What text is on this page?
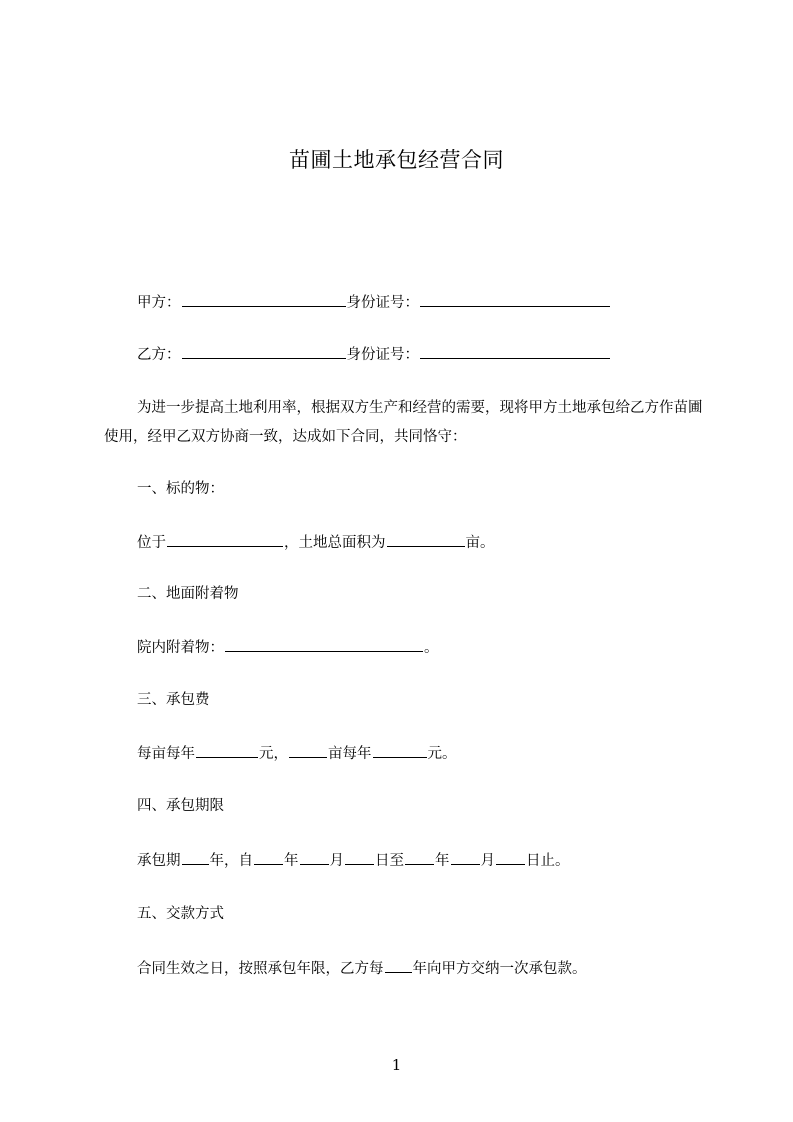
苗圃土地承包经营合同
甲方：	身份证号：
乙方：	身份证号：
为进一步提高土地利用率，根据双方生产和经营的需要，现将甲方土地承包给乙方作苗圃使用，经甲乙双方协商一致，达成如下合同，共同恪守：
一、标的物：
位于	，土地总面积为	亩。
二、地面附着物
院内附着物：	。
三、承包费
每亩每年	元，	亩每年	元。
四、承包期限
承包期 年，自 年 月 日至 年 月 日止。
五、交款方式
合同生效之日，按照承包年限，乙方每 年向甲方交纳一次承包款。
1
